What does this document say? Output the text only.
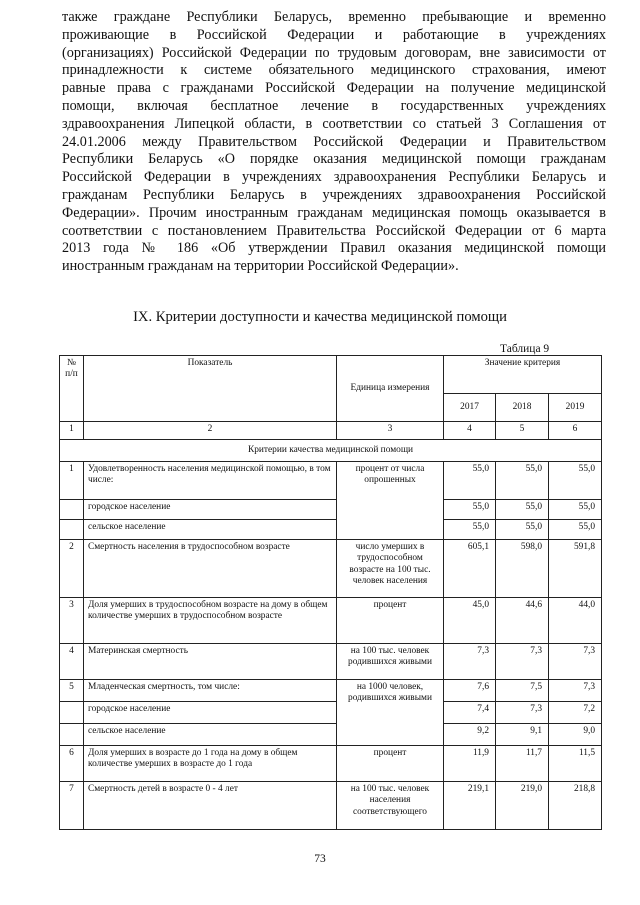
также граждане Республики Беларусь, временно пребывающие и временно
проживающие в Российской Федерации и работающие в учреждениях
(организациях) Российской Федерации по трудовым договорам, вне зависимости от
принадлежности к системе обязательного медицинского страхования, имеют
равные права с гражданами Российской Федерации на получение медицинской
помощи, включая бесплатное лечение в государственных учреждениях
здравоохранения Липецкой области, в соответствии со статьей 3 Соглашения от
24.01.2006 между Правительством Российской Федерации и Правительством
Республики Беларусь «О порядке оказания медицинской помощи гражданам
Российской Федерации в учреждениях здравоохранения Республики Беларусь и
гражданам Республики Беларусь в учреждениях здравоохранения Российской
Федерации». Прочим иностранным гражданам медицинская помощь оказывается в
соответствии с постановлением Правительства Российской Федерации от 6 марта
2013 года № 186 «Об утверждении Правил оказания медицинской помощи
иностранным гражданам на территории Российской Федерации».
IX. Критерии доступности и качества медицинской помощи
Таблица 9
№ п/п	Показатель	Единица измерения	Значение критерия		
			2017	2018	2019
1	2	3	4	5	6
Критерии качества медицинской помощи					
1	Удовлетворенность населения медицинской помощью, в том числе:	процент от числа опрошенных	55,0	55,0	55,0
	городское население		55,0	55,0	55,0
	сельское население		55,0	55,0	55,0
2	Смертность населения в трудоспособном возрасте	число умерших в трудоспособном возрасте на 100 тыс. человек населения	605,1	598,0	591,8
3	Доля умерших в трудоспособном возрасте на дому в общем количестве умерших в трудоспособном возрасте	процент	45,0	44,6	44,0
4	Материнская смертность	на 100 тыс. человек родившихся живыми	7,3	7,3	7,3
5	Младенческая смертность, том числе:	на 1000 человек, родившихся живыми	7,6	7,5	7,3
	городское население		7,4	7,3	7,2
	сельское население		9,2	9,1	9,0
6	Доля умерших в возрасте до 1 года на дому в общем количестве умерших в возрасте до 1 года	процент	11,9	11,7	11,5
7	Смертность детей в возрасте 0 - 4 лет	на 100 тыс. человек населения соответствующего	219,1	219,0	218,8
73
